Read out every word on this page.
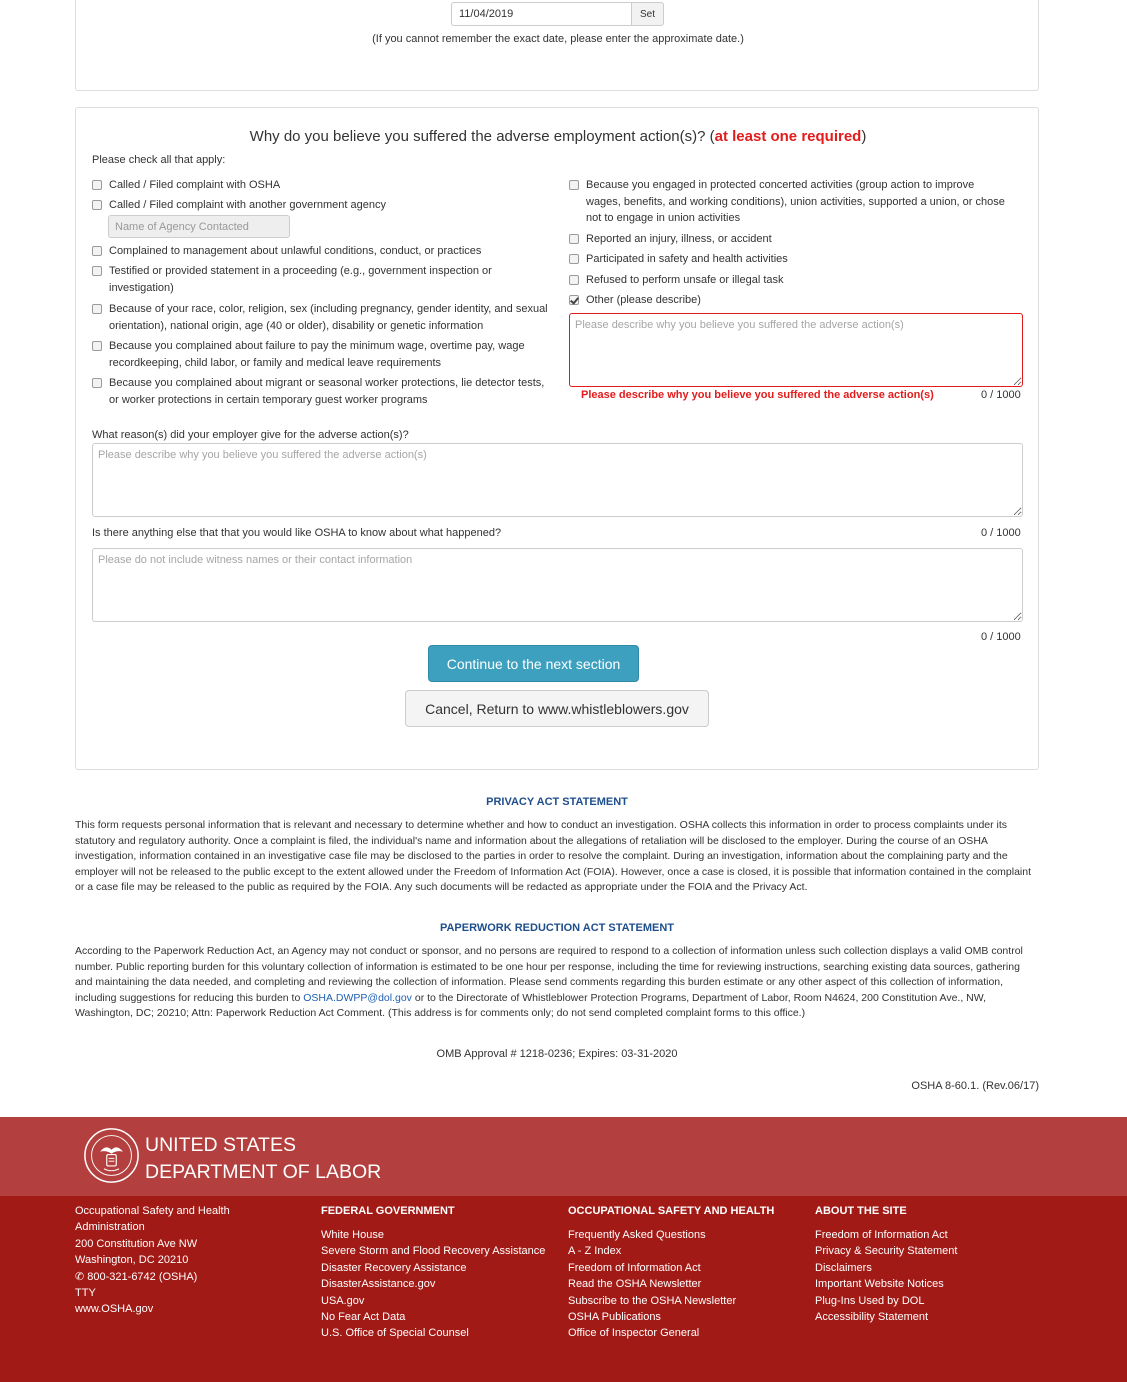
11/04/2019
Set
(If you cannot remember the exact date, please enter the approximate date.)
Why do you believe you suffered the adverse employment action(s)? (at least one required)
Please check all that apply:
Called / Filed complaint with OSHA
Called / Filed complaint with another government agency
Name of Agency Contacted
Complained to management about unlawful conditions, conduct, or practices
Testified or provided statement in a proceeding (e.g., government inspection or investigation)
Because of your race, color, religion, sex (including pregnancy, gender identity, and sexual orientation), national origin, age (40 or older), disability or genetic information
Because you complained about failure to pay the minimum wage, overtime pay, wage recordkeeping, child labor, or family and medical leave requirements
Because you complained about migrant or seasonal worker protections, lie detector tests, or worker protections in certain temporary guest worker programs
Because you engaged in protected concerted activities (group action to improve wages, benefits, and working conditions), union activities, supported a union, or chose not to engage in union activities
Reported an injury, illness, or accident
Participated in safety and health activities
Refused to perform unsafe or illegal task
Other (please describe)
Please describe why you believe you suffered the adverse action(s)
Please describe why you believe you suffered the adverse action(s)	0 / 1000
What reason(s) did your employer give for the adverse action(s)?
Please describe why you believe you suffered the adverse action(s)
Is there anything else that that you would like OSHA to know about what happened?	0 / 1000
Please do not include witness names or their contact information
0 / 1000
Continue to the next section
Cancel, Return to www.whistleblowers.gov
PRIVACY ACT STATEMENT
This form requests personal information that is relevant and necessary to determine whether and how to conduct an investigation. OSHA collects this information in order to process complaints under its statutory and regulatory authority. Once a complaint is filed, the individual's name and information about the allegations of retaliation will be disclosed to the employer. During the course of an OSHA investigation, information contained in an investigative case file may be disclosed to the parties in order to resolve the complaint. During an investigation, information about the complaining party and the employer will not be released to the public except to the extent allowed under the Freedom of Information Act (FOIA). However, once a case is closed, it is possible that information contained in the complaint or a case file may be released to the public as required by the FOIA. Any such documents will be redacted as appropriate under the FOIA and the Privacy Act.
PAPERWORK REDUCTION ACT STATEMENT
According to the Paperwork Reduction Act, an Agency may not conduct or sponsor, and no persons are required to respond to a collection of information unless such collection displays a valid OMB control number. Public reporting burden for this voluntary collection of information is estimated to be one hour per response, including the time for reviewing instructions, searching existing data sources, gathering and maintaining the data needed, and completing and reviewing the collection of information. Please send comments regarding this burden estimate or any other aspect of this collection of information, including suggestions for reducing this burden to OSHA.DWPP@dol.gov or to the Directorate of Whistleblower Protection Programs, Department of Labor, Room N4624, 200 Constitution Ave., NW, Washington, DC; 20210; Attn: Paperwork Reduction Act Comment. (This address is for comments only; do not send completed complaint forms to this office.)
OMB Approval # 1218-0236; Expires: 03-31-2020
OSHA 8-60.1. (Rev.06/17)
UNITED STATES
DEPARTMENT OF LABOR
Occupational Safety and Health Administration
200 Constitution Ave NW
Washington, DC 20210
✆ 800-321-6742 (OSHA)
TTY
www.OSHA.gov
FEDERAL GOVERNMENT
White House
Severe Storm and Flood Recovery Assistance
Disaster Recovery Assistance
DisasterAssistance.gov
USA.gov
No Fear Act Data
U.S. Office of Special Counsel
OCCUPATIONAL SAFETY AND HEALTH
Frequently Asked Questions
A - Z Index
Freedom of Information Act
Read the OSHA Newsletter
Subscribe to the OSHA Newsletter
OSHA Publications
Office of Inspector General
ABOUT THE SITE
Freedom of Information Act
Privacy & Security Statement
Disclaimers
Important Website Notices
Plug-Ins Used by DOL
Accessibility Statement
